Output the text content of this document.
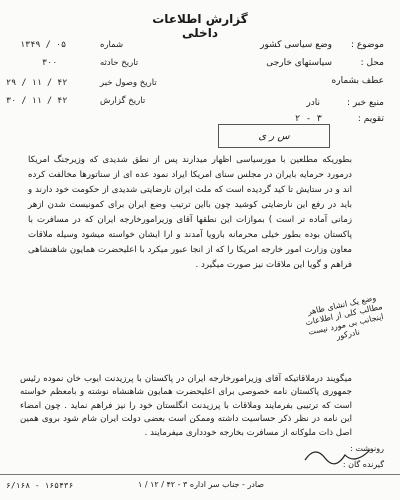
گزارش اطلاعات داخلی
شماره
۱۳۴۹ / ۰۵
تاریخ حادثه
۳۰۰
تاریخ وصول خبر
۲۹ / ۱۱ / ۴۲
تاریخ گزارش
۳۰ / ۱۱ / ۴۲
موضوع :
وضع سیاسی کشور
محل :
سیاستهای خارجی
عطف بشماره
منبع خبر :
نادر
تقویم :
۲ - ۳
س ر ی

بطوریکه مطلعین با مورسیاسی اظهار میدارند پس از نطق شدیدی که وزیرجنگ امریکا درمورد حرمایه بایران در مجلس سنای امریکا ایراد نمود عده ای از سناتورها مخالفت کرده اند و در ستایش تا کید گردیده است که ملت ایران نارضایتی شدیدی از حکومت خود دارند و باید در رفع این نارضایتی کوشید چون بااین ترتیب وضع ایران برای کمونیست شدن ازهر زمانی آماده تر است ) بموازات این نطقها آقای وزیرامورخارجه ایران که در مسافرت با پاکستان بوده بطور خیلی محرمانه بارویا آمدند و ارا ایشان خواسته میشود وسیله ملاقات معاون وزارت امور خارجه امریکا را که از انجا عبور میکرد با اعلیحضرت همایون شاهنشاهی فراهم و گویا این ملاقات نیز صورت میگیرد .

وضع یک انشای ظاهر مطالب کلی از اطلاعات اینجانب بی مورد نیست نادرکور

میگویند درملاقاتیکه آقای وزیرامورخارجه ایران در پاکستان با پرزیدنت ایوب خان نموده رئیس جمهوری پاکستان نامه خصوصی برای اعلیحضرت همایون شاهنشاه نوشته و بامعظم خواسته است که ترتیبی بفرمایند وملاقات با پرزیدنت انگلستان خود را نیز فراهم نماید . چون امضاء این نامه در نظر ذکر حساسیت داشته وممکن است بعضی دولت ایران شام شود بروی همین اصل ذات ملوکانه از مسافرت بخارجه خودداری میفرمایند .

رونوشت :
گیرنده گان :
۶/۱۶۸ - ۱۶۵۴۳۶	صادر - جناب سر اداره ۳ - ۴۲ / ۱۲ / ۱
